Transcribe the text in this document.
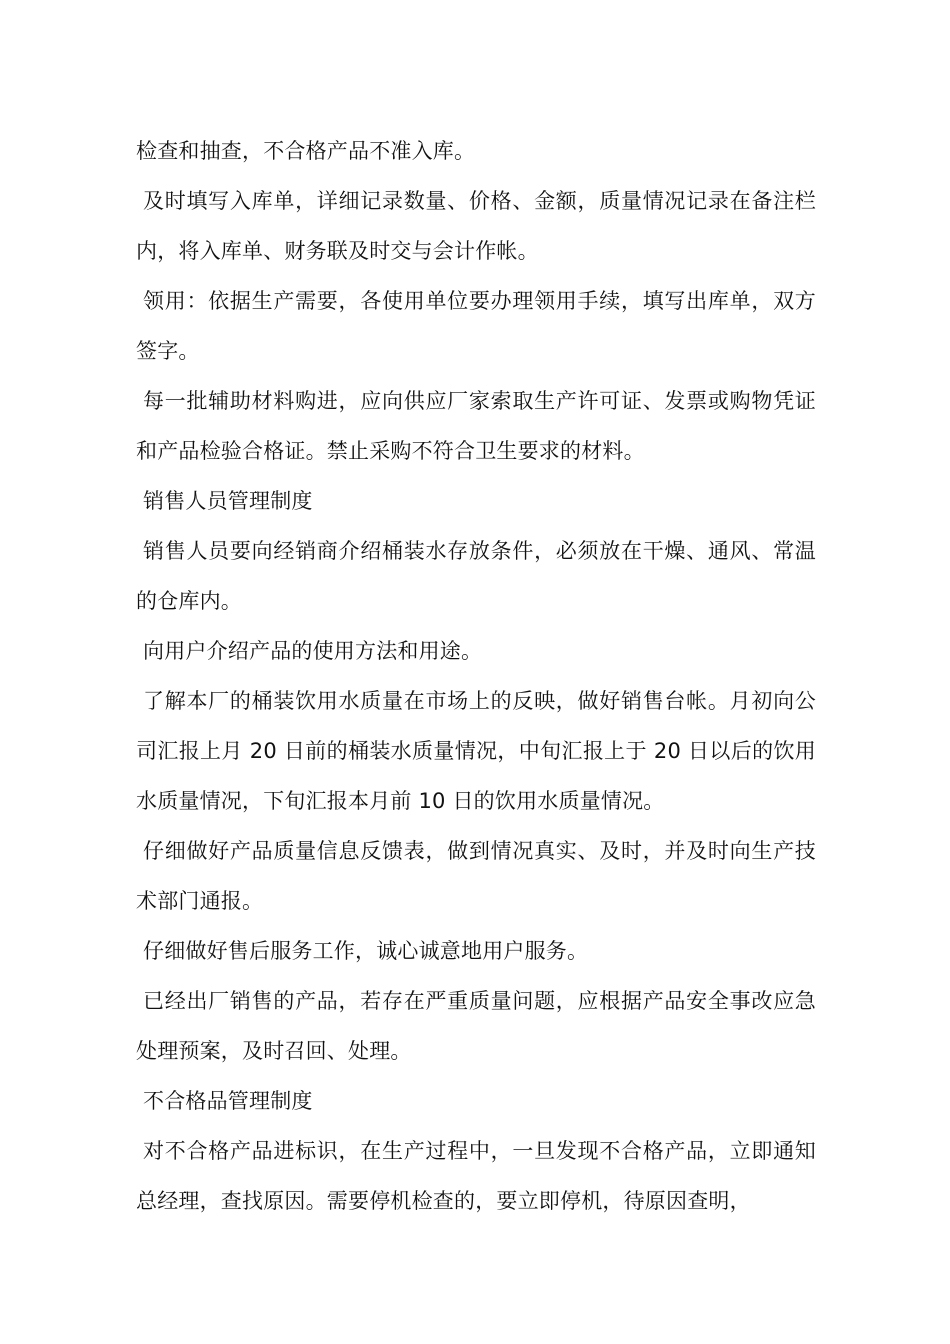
检查和抽查，不合格产品不准入库。

及时填写入库单，详细记录数量、价格、金额，质量情况记录在备注栏内，将入库单、财务联及时交与会计作帐。

领用：依据生产需要，各使用单位要办理领用手续，填写出库单，双方签字。

每一批辅助材料购进，应向供应厂家索取生产许可证、发票或购物凭证和产品检验合格证。禁止采购不符合卫生要求的材料。

销售人员管理制度

销售人员要向经销商介绍桶装水存放条件，必须放在干燥、通风、常温的仓库内。

向用户介绍产品的使用方法和用途。

了解本厂的桶装饮用水质量在市场上的反映，做好销售台帐。月初向公司汇报上月 20 日前的桶装水质量情况，中旬汇报上于 20 日以后的饮用水质量情况，下旬汇报本月前 10 日的饮用水质量情况。

仔细做好产品质量信息反馈表，做到情况真实、及时，并及时向生产技术部门通报。

仔细做好售后服务工作，诚心诚意地用户服务。

已经出厂销售的产品，若存在严重质量问题，应根据产品安全事改应急处理预案，及时召回、处理。

不合格品管理制度

对不合格产品进标识，在生产过程中，一旦发现不合格产品，立即通知总经理，查找原因。需要停机检查的，要立即停机，待原因查明，
